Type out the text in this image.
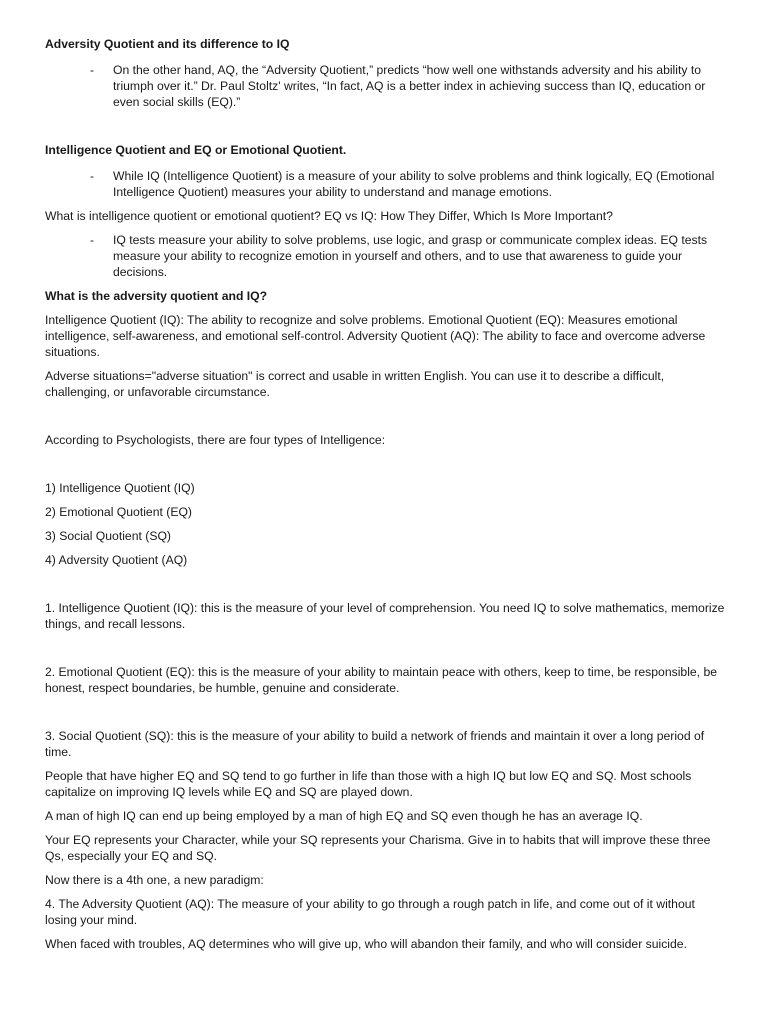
Adversity Quotient and its difference to IQ

- On the other hand, AQ, the “Adversity Quotient,” predicts “how well one withstands adversity and his ability to triumph over it.” Dr. Paul Stoltz' writes, “In fact, AQ is a better index in achieving success than IQ, education or even social skills (EQ).”

Intelligence Quotient and EQ or Emotional Quotient.

- While IQ (Intelligence Quotient) is a measure of your ability to solve problems and think logically, EQ (Emotional Intelligence Quotient) measures your ability to understand and manage emotions.

What is intelligence quotient or emotional quotient? EQ vs IQ: How They Differ, Which Is More Important?

- IQ tests measure your ability to solve problems, use logic, and grasp or communicate complex ideas. EQ tests measure your ability to recognize emotion in yourself and others, and to use that awareness to guide your decisions.

What is the adversity quotient and IQ?

Intelligence Quotient (IQ): The ability to recognize and solve problems. Emotional Quotient (EQ): Measures emotional intelligence, self-awareness, and emotional self-control. Adversity Quotient (AQ): The ability to face and overcome adverse situations.

Adverse situations="adverse situation" is correct and usable in written English. You can use it to describe a difficult, challenging, or unfavorable circumstance.

According to Psychologists, there are four types of Intelligence:

1) Intelligence Quotient (IQ)

2) Emotional Quotient (EQ)

3) Social Quotient (SQ)

4) Adversity Quotient (AQ)

1. Intelligence Quotient (IQ): this is the measure of your level of comprehension. You need IQ to solve mathematics, memorize things, and recall lessons.

2. Emotional Quotient (EQ): this is the measure of your ability to maintain peace with others, keep to time, be responsible, be honest, respect boundaries, be humble, genuine and considerate.

3. Social Quotient (SQ): this is the measure of your ability to build a network of friends and maintain it over a long period of time.

People that have higher EQ and SQ tend to go further in life than those with a high IQ but low EQ and SQ. Most schools capitalize on improving IQ levels while EQ and SQ are played down.

A man of high IQ can end up being employed by a man of high EQ and SQ even though he has an average IQ.

Your EQ represents your Character, while your SQ represents your Charisma. Give in to habits that will improve these three Qs, especially your EQ and SQ.

Now there is a 4th one, a new paradigm:

4. The Adversity Quotient (AQ): The measure of your ability to go through a rough patch in life, and come out of it without losing your mind.

When faced with troubles, AQ determines who will give up, who will abandon their family, and who will consider suicide.
